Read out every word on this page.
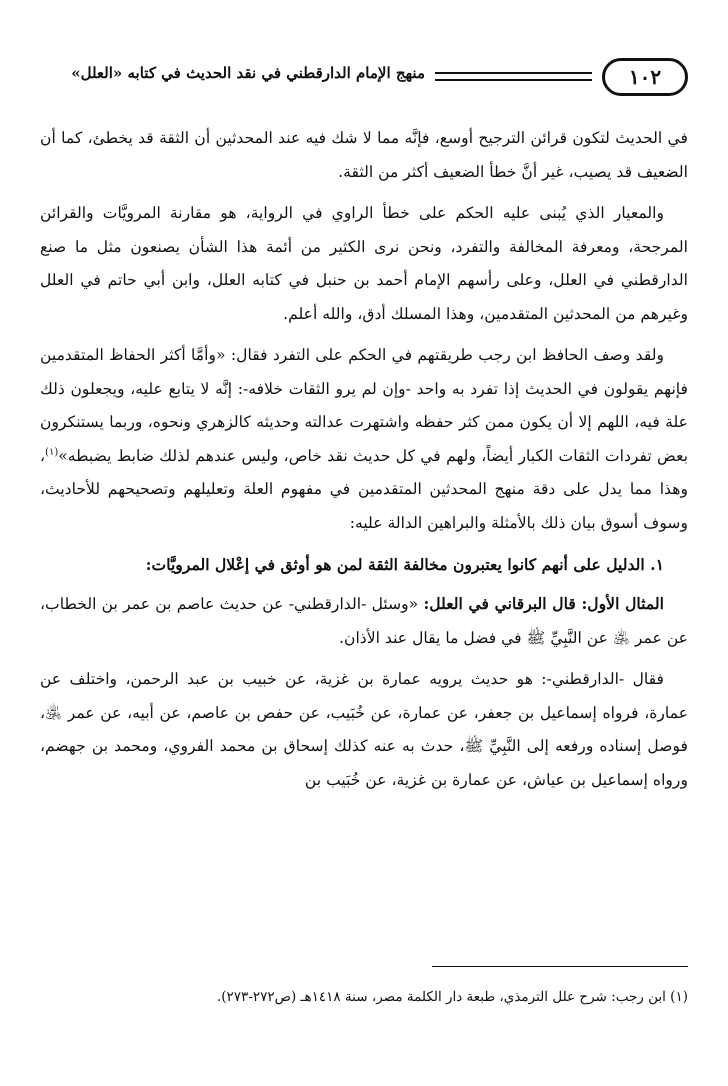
١٠٢
منهج الإمام الدارقطني في نقد الحديث في كتابه «العلل»

في الحديث لتكون قرائن الترجيح أوسع، فإنَّه مما لا شك فيه عند المحدثين أن الثقة قد يخطئ، كما أن الضعيف قد يصيب، غير أنَّ خطأ الضعيف أكثر من الثقة.

والمعيار الذي يُبنى عليه الحكم على خطأ الراوي في الرواية، هو مقارنة المرويَّات والقرائن المرجحة، ومعرفة المخالفة والتفرد، ونحن نرى الكثير من أئمة هذا الشأن يصنعون مثل ما صنع الدارقطني في العلل، وعلى رأسهم الإمام أحمد بن حنبل في كتابه العلل، وابن أبي حاتم في العلل وغيرهم من المحدثين المتقدمين، وهذا المسلك أدق، والله أعلم.

ولقد وصف الحافظ ابن رجب طريقتهم في الحكم على التفرد فقال: «وأمَّا أكثر الحفاظ المتقدمين فإنهم يقولون في الحديث إذا تفرد به واحد -وإن لم يرو الثقات خلافه-: إنَّه لا يتابع عليه، ويجعلون ذلك علة فيه، اللهم إلا أن يكون ممن كثر حفظه واشتهرت عدالته وحديثه كالزهري ونحوه، وربما يستنكرون بعض تفردات الثقات الكبار أيضاً، ولهم في كل حديث نقد خاص، وليس عندهم لذلك ضابط يضبطه»$^{(١)}$، وهذا مما يدل على دقة منهج المحدثين المتقدمين في مفهوم العلة وتعليلهم وتصحيحهم للأحاديث، وسوف أسوق بيان ذلك بالأمثلة والبراهين الدالة عليه:

١. الدليل على أنهم كانوا يعتبرون مخالفة الثقة لمن هو أوثق في إعْلال المرويَّات:

المثال الأول: قال البرقاني في العلل: «وسئل -الدارقطني- عن حديث عاصم بن عمر بن الخطاب، عن عمر ﵁ عن النَّبِيِّ ﷺ في فضل ما يقال عند الأذان.

فقال -الدارقطني-: هو حديث يرويه عمارة بن غزية، عن خبيب بن عبد الرحمن، واختلف عن عمارة، فرواه إسماعيل بن جعفر، عن عمارة، عن خُبَيب، عن حفص بن عاصم، عن أبيه، عن عمر ﵁، فوصل إسناده ورفعه إلى النَّبِيِّ ﷺ، حدث به عنه كذلك إسحاق بن محمد الفروي، ومحمد بن جهضم، ورواه إسماعيل بن عياش، عن عمارة بن غزية، عن خُبَيب بن

(١) ابن رجب: شرح علل الترمذي، طبعة دار الكلمة مصر، سنة ١٤١٨هـ (ص٢٧٢-٢٧٣).
